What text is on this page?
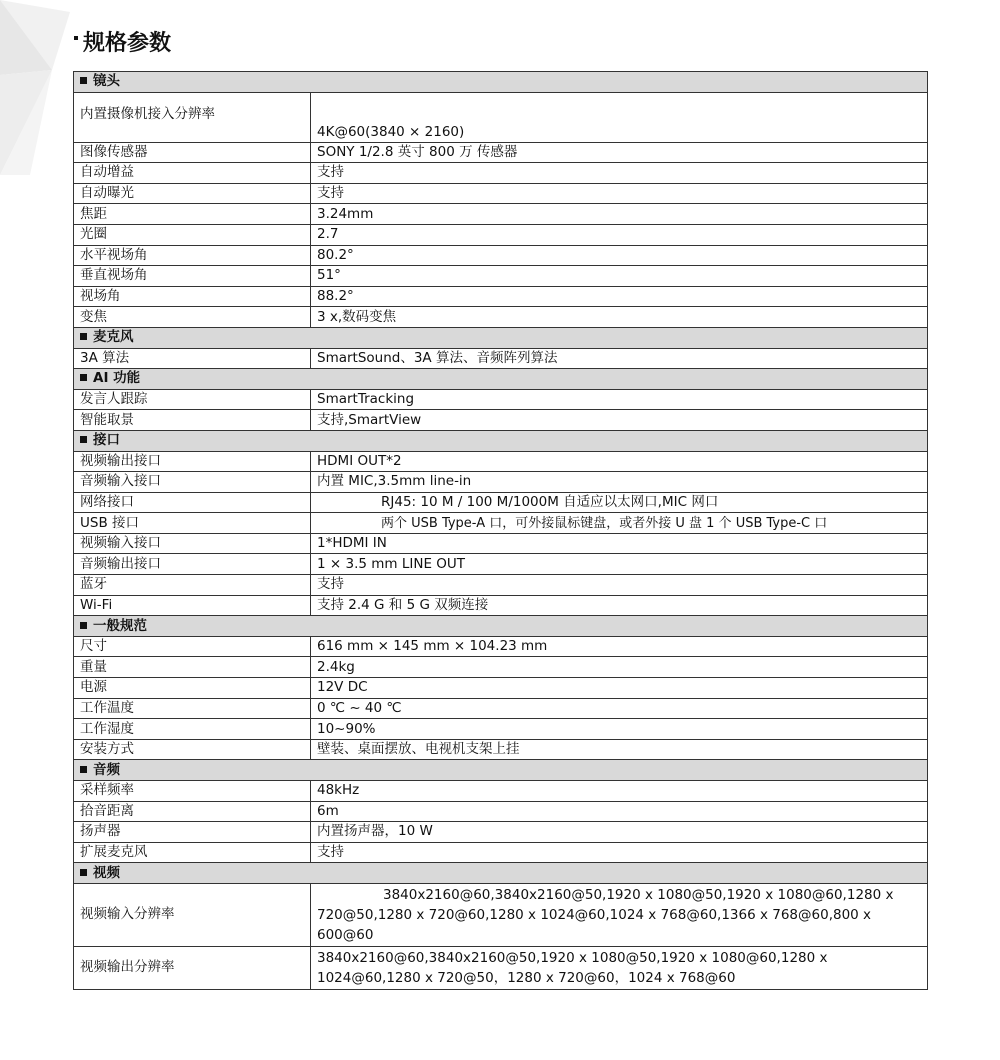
规格参数
镜头	
内置摄像机接入分辨率	4K@60(3840 × 2160)
图像传感器	SONY 1/2.8 英寸 800 万 传感器
自动增益	支持
自动曝光	支持
焦距	3.24mm
光圈	2.7
水平视场角	80.2°
垂直视场角	51°
视场角	88.2°
变焦	3 x,数码变焦
麦克风	
3A 算法	SmartSound、3A 算法、音频阵列算法
AI 功能	
发言人跟踪	SmartTracking
智能取景	支持,SmartView
接口	
视频输出接口	HDMI OUT*2
音频输入接口	内置 MIC,3.5mm line-in
网络接口	RJ45: 10 M / 100 M/1000M 自适应以太网口,MIC 网口
USB 接口	两个 USB Type-A 口，可外接鼠标键盘，或者外接 U 盘 1 个 USB Type-C 口
视频输入接口	1*HDMI IN
音频输出接口	1 × 3.5 mm LINE OUT
蓝牙	支持
Wi-Fi	支持 2.4 G 和 5 G 双频连接
一般规范	
尺寸	616 mm × 145 mm × 104.23 mm
重量	2.4kg
电源	12V DC
工作温度	0 ℃ ~ 40 ℃
工作湿度	10~90%
安装方式	壁装、桌面摆放、电视机支架上挂
音频	
采样频率	48kHz
拾音距离	6m
扬声器	内置扬声器，10 W
扩展麦克风	支持
视频	
视频输入分辨率	3840x2160@60,3840x2160@50,1920 x 1080@50,1920 x 1080@60,1280 x 720@50,1280 x 720@60,1280 x 1024@60,1024 x 768@60,1366 x 768@60,800 x 600@60
视频输出分辨率	3840x2160@60,3840x2160@50,1920 x 1080@50,1920 x 1080@60,1280 x 1024@60,1280 x 720@50，1280 x 720@60，1024 x 768@60
